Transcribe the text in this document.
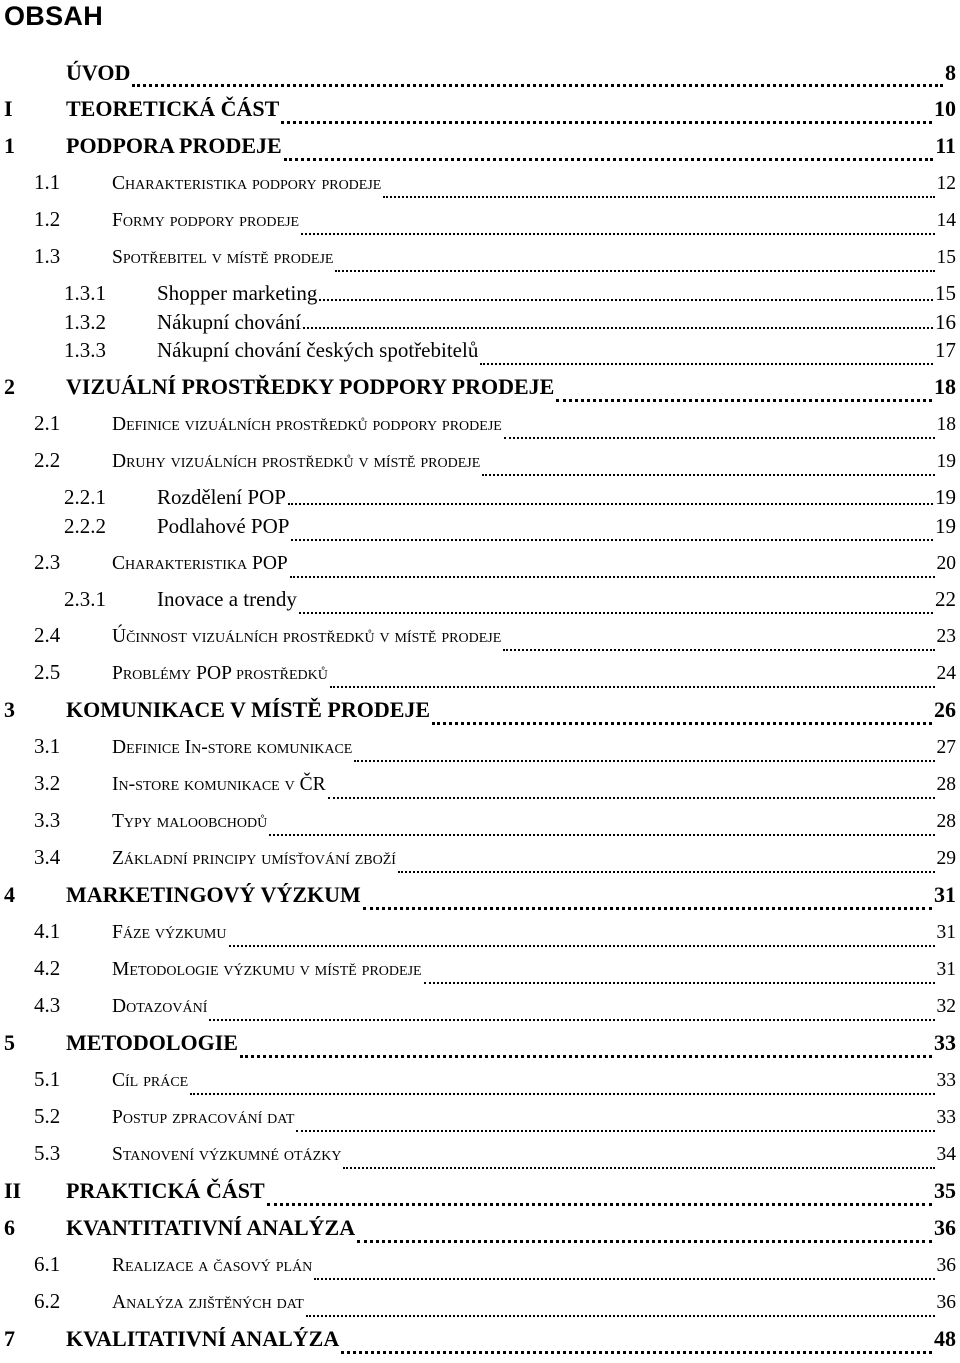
OBSAH
ÚVOD	8
I	TEORETICKÁ ČÁST	10
1	PODPORA PRODEJE	11
1.1	Charakteristika podpory prodeje	12
1.2	Formy podpory prodeje	14
1.3	Spotřebitel v místě prodeje	15
1.3.1	Shopper marketing	15
1.3.2	Nákupní chování	16
1.3.3	Nákupní chování českých spotřebitelů	17
2	VIZUÁLNÍ PROSTŘEDKY PODPORY PRODEJE	18
2.1	Definice vizuálních prostředků podpory prodeje	18
2.2	Druhy vizuálních prostředků v místě prodeje	19
2.2.1	Rozdělení POP	19
2.2.2	Podlahové POP	19
2.3	Charakteristika POP	20
2.3.1	Inovace a trendy	22
2.4	Účinnost vizuálních prostředků v místě prodeje	23
2.5	Problémy POP prostředků	24
3	KOMUNIKACE V MÍSTĚ PRODEJE	26
3.1	Definice In-store komunikace	27
3.2	In-store komunikace v ČR	28
3.3	Typy maloobchodů	28
3.4	Základní principy umísťování zboží	29
4	MARKETINGOVÝ VÝZKUM	31
4.1	Fáze výzkumu	31
4.2	Metodologie výzkumu v místě prodeje	31
4.3	Dotazování	32
5	METODOLOGIE	33
5.1	Cíl práce	33
5.2	Postup zpracování dat	33
5.3	Stanovení výzkumné otázky	34
II	PRAKTICKÁ ČÁST	35
6	KVANTITATIVNÍ ANALÝZA	36
6.1	Realizace a časový plán	36
6.2	Analýza zjištěných dat	36
7	KVALITATIVNÍ ANALÝZA	48
